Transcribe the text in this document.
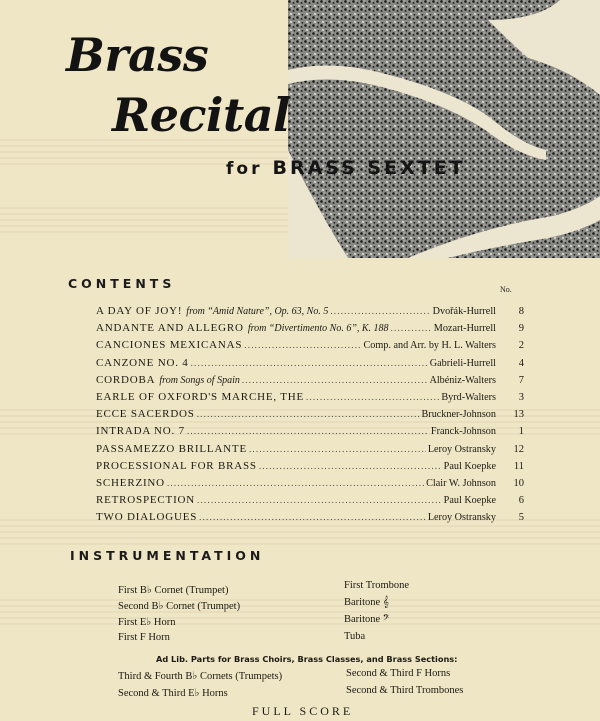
Brass
Recital
for BRASS SEXTET
CONTENTS	No.
A DAY OF JOY! from “Amid Nature”, Op. 63, No. 5 .....	Dvořák-Hurrell	8
ANDANTE AND ALLEGRO from “Divertimento No. 6”, K. 188 .....	Mozart-Hurrell	9
CANCIONES MEXICANAS .....	Comp. and Arr. by H. L. Walters	2
CANZONE NO. 4 .....	Gabrieli-Hurrell	4
CORDOBA from Songs of Spain .....	Albéniz-Walters	7
EARLE OF OXFORD'S MARCHE, THE .....	Byrd-Walters	3
ECCE SACERDOS .....	Bruckner-Johnson	13
INTRADA NO. 7 .....	Franck-Johnson	1
PASSAMEZZO BRILLANTE .....	Leroy Ostransky	12
PROCESSIONAL FOR BRASS .....	Paul Koepke	11
SCHERZINO .....	Clair W. Johnson	10
RETROSPECTION .....	Paul Koepke	6
TWO DIALOGUES .....	Leroy Ostransky	5
INSTRUMENTATION
First B♭ Cornet (Trumpet)
Second B♭ Cornet (Trumpet)
First E♭ Horn
First F Horn
First Trombone
Baritone 𝄞
Baritone 𝄢
Tuba
Ad Lib. Parts for Brass Choirs, Brass Classes, and Brass Sections:
Third & Fourth B♭ Cornets (Trumpets)
Second & Third E♭ Horns
Second & Third F Horns
Second & Third Trombones
FULL SCORE
